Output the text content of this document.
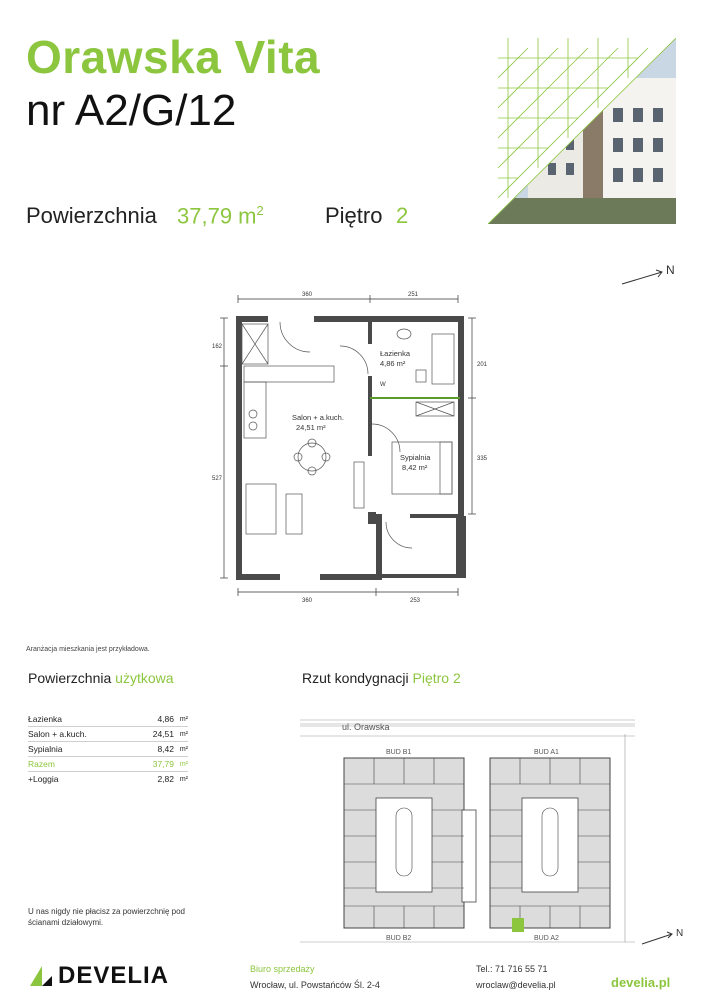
Orawska Vita
nr A2/G/12
Powierzchnia 37,79 $m^2$	Piętro 2
N
360	251
360	253
162
527
201
335
Łazienka
4,86 m²
Salon + a.kuch.
24,51 m²
Sypialnia
8,42 m²
W
Aranżacja mieszkania jest przykładowa.
Powierzchnia użytkowa
Łazienka	4,86	m²
Salon + a.kuch.	24,51	m²
Sypialnia	8,42	m²
Razem	37,79	m²
+Loggia	2,82	m²
U nas nigdy nie płacisz za powierzchnię pod ścianami działowymi.
Rzut kondygnacji Piętro 2
ul. Orawska
BUD B1	BUD A1
BUD B2	BUD A2	N
DEVELIA	Biuro sprzedaży
Wrocław, ul. Powstańców Śl. 2-4
Tel.: 71 716 55 71
wroclaw@develia.pl	develia.pl
